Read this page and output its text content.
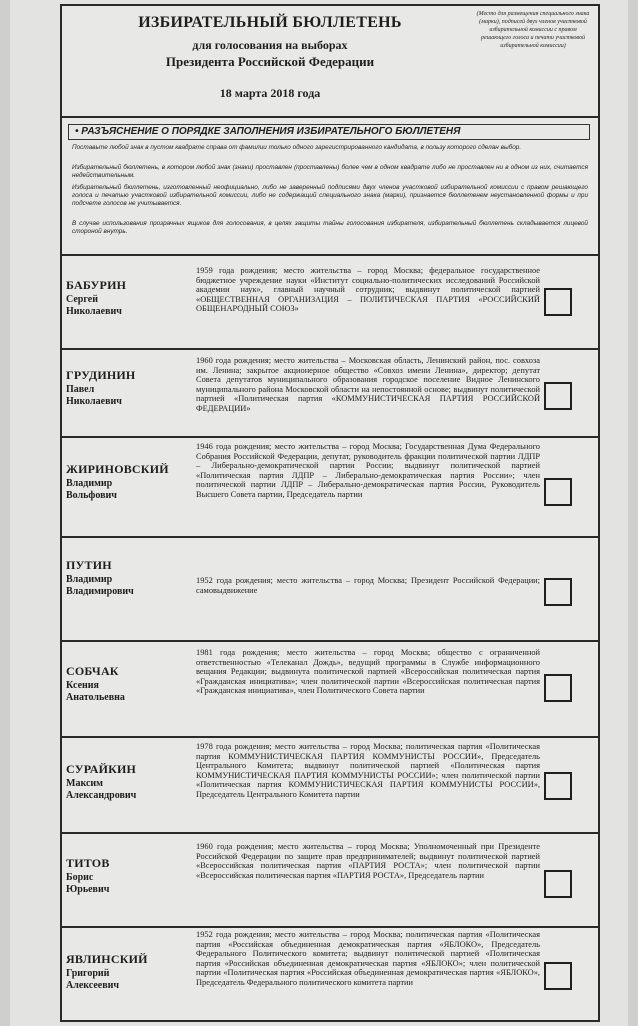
ИЗБИРАТЕЛЬНЫЙ БЮЛЛЕТЕНЬ
для голосования на выборах
Президента Российской Федерации
18 марта 2018 года
(Место для размещения специального знака (марки), подписей двух членов участковой избирательной комиссии с правом решающего голоса и печати участковой избирательной комиссии)
• РАЗЪЯСНЕНИЕ О ПОРЯДКЕ ЗАПОЛНЕНИЯ ИЗБИРАТЕЛЬНОГО БЮЛЛЕТЕНЯ
Поставьте любой знак в пустом квадрате справа от фамилии только одного зарегистрированного кандидата, в пользу которого сделан выбор.
Избирательный бюллетень, в котором любой знак (знаки) проставлен (проставлены) более чем в одном квадрате либо не проставлен ни в одном из них, считается недействительным.
Избирательный бюллетень, изготовленный неофициально, либо не заверенный подписями двух членов участковой избирательной комиссии с правом решающего голоса и печатью участковой избирательной комиссии, либо не содержащий специального знака (марки), признается бюллетенем неустановленной формы и при подсчете голосов не учитывается.
В случае использования прозрачных ящиков для голосования, в целях защиты тайны голосования избирателя, избирательный бюллетень складывается лицевой стороной внутрь.
БАБУРИН
Сергей
Николаевич
1959 года рождения; место жительства – город Москва; федеральное государственное бюджетное учреждение науки «Институт социально-политических исследований Российской академии наук», главный научный сотрудник; выдвинут политической партией «ОБЩЕСТВЕННАЯ ОРГАНИЗАЦИЯ – ПОЛИТИЧЕСКАЯ ПАРТИЯ «РОССИЙСКИЙ ОБЩЕНАРОДНЫЙ СОЮЗ»
ГРУДИНИН
Павел
Николаевич
1960 года рождения; место жительства – Московская область, Ленинский район, пос. совхоза им. Ленина; закрытое акционерное общество «Совхоз имени Ленина», директор; депутат Совета депутатов муниципального образования городское поселение Видное Ленинского муниципального района Московской области на непостоянной основе; выдвинут политической партией «Политическая партия «КОММУНИСТИЧЕСКАЯ ПАРТИЯ РОССИЙСКОЙ ФЕДЕРАЦИИ»
ЖИРИНОВСКИЙ
Владимир
Вольфович
1946 года рождения; место жительства – город Москва; Государственная Дума Федерального Собрания Российской Федерации, депутат, руководитель фракции политической партии ЛДПР – Либерально-демократической партии России; выдвинут политической партией «Политическая партия ЛДПР – Либерально-демократическая партия России»; член политической партии ЛДПР – Либерально-демократическая партия России, Руководитель Высшего Совета партии, Председатель партии
ПУТИН
Владимир
Владимирович
1952 года рождения; место жительства – город Москва; Президент Российской Федерации; самовыдвижение
СОБЧАК
Ксения
Анатольевна
1981 года рождения; место жительства – город Москва; общество с ограниченной ответственностью «Телеканал Дождь», ведущий программы в Службе информационного вещания Редакции; выдвинута политической партией «Всероссийская политическая партия «Гражданская инициатива»; член политической партии «Всероссийская политическая партия «Гражданская инициатива», член Политического Совета партии
СУРАЙКИН
Максим
Александрович
1978 года рождения; место жительства – город Москва; политическая партия «Политическая партия КОММУНИСТИЧЕСКАЯ ПАРТИЯ КОММУНИСТЫ РОССИИ», Председатель Центрального Комитета; выдвинут политической партией «Политическая партия КОММУНИСТИЧЕСКАЯ ПАРТИЯ КОММУНИСТЫ РОССИИ»; член политической партии «Политическая партия КОММУНИСТИЧЕСКАЯ ПАРТИЯ КОММУНИСТЫ РОССИИ», Председатель Центрального Комитета партии
ТИТОВ
Борис
Юрьевич
1960 года рождения; место жительства – город Москва; Уполномоченный при Президенте Российской Федерации по защите прав предпринимателей; выдвинут политической партией «Всероссийская политическая партия «ПАРТИЯ РОСТА»; член политической партии «Всероссийская политическая партия «ПАРТИЯ РОСТА», Председатель партии
ЯВЛИНСКИЙ
Григорий
Алексеевич
1952 года рождения; место жительства – город Москва; политическая партия «Политическая партия «Российская объединенная демократическая партия «ЯБЛОКО», Председатель Федерального Политического комитета; выдвинут политической партией «Политическая партия «Российская объединенная демократическая партия «ЯБЛОКО»; член политической партии «Политическая партия «Российская объединенная демократическая партия «ЯБЛОКО», Председатель Федерального политического комитета партии
